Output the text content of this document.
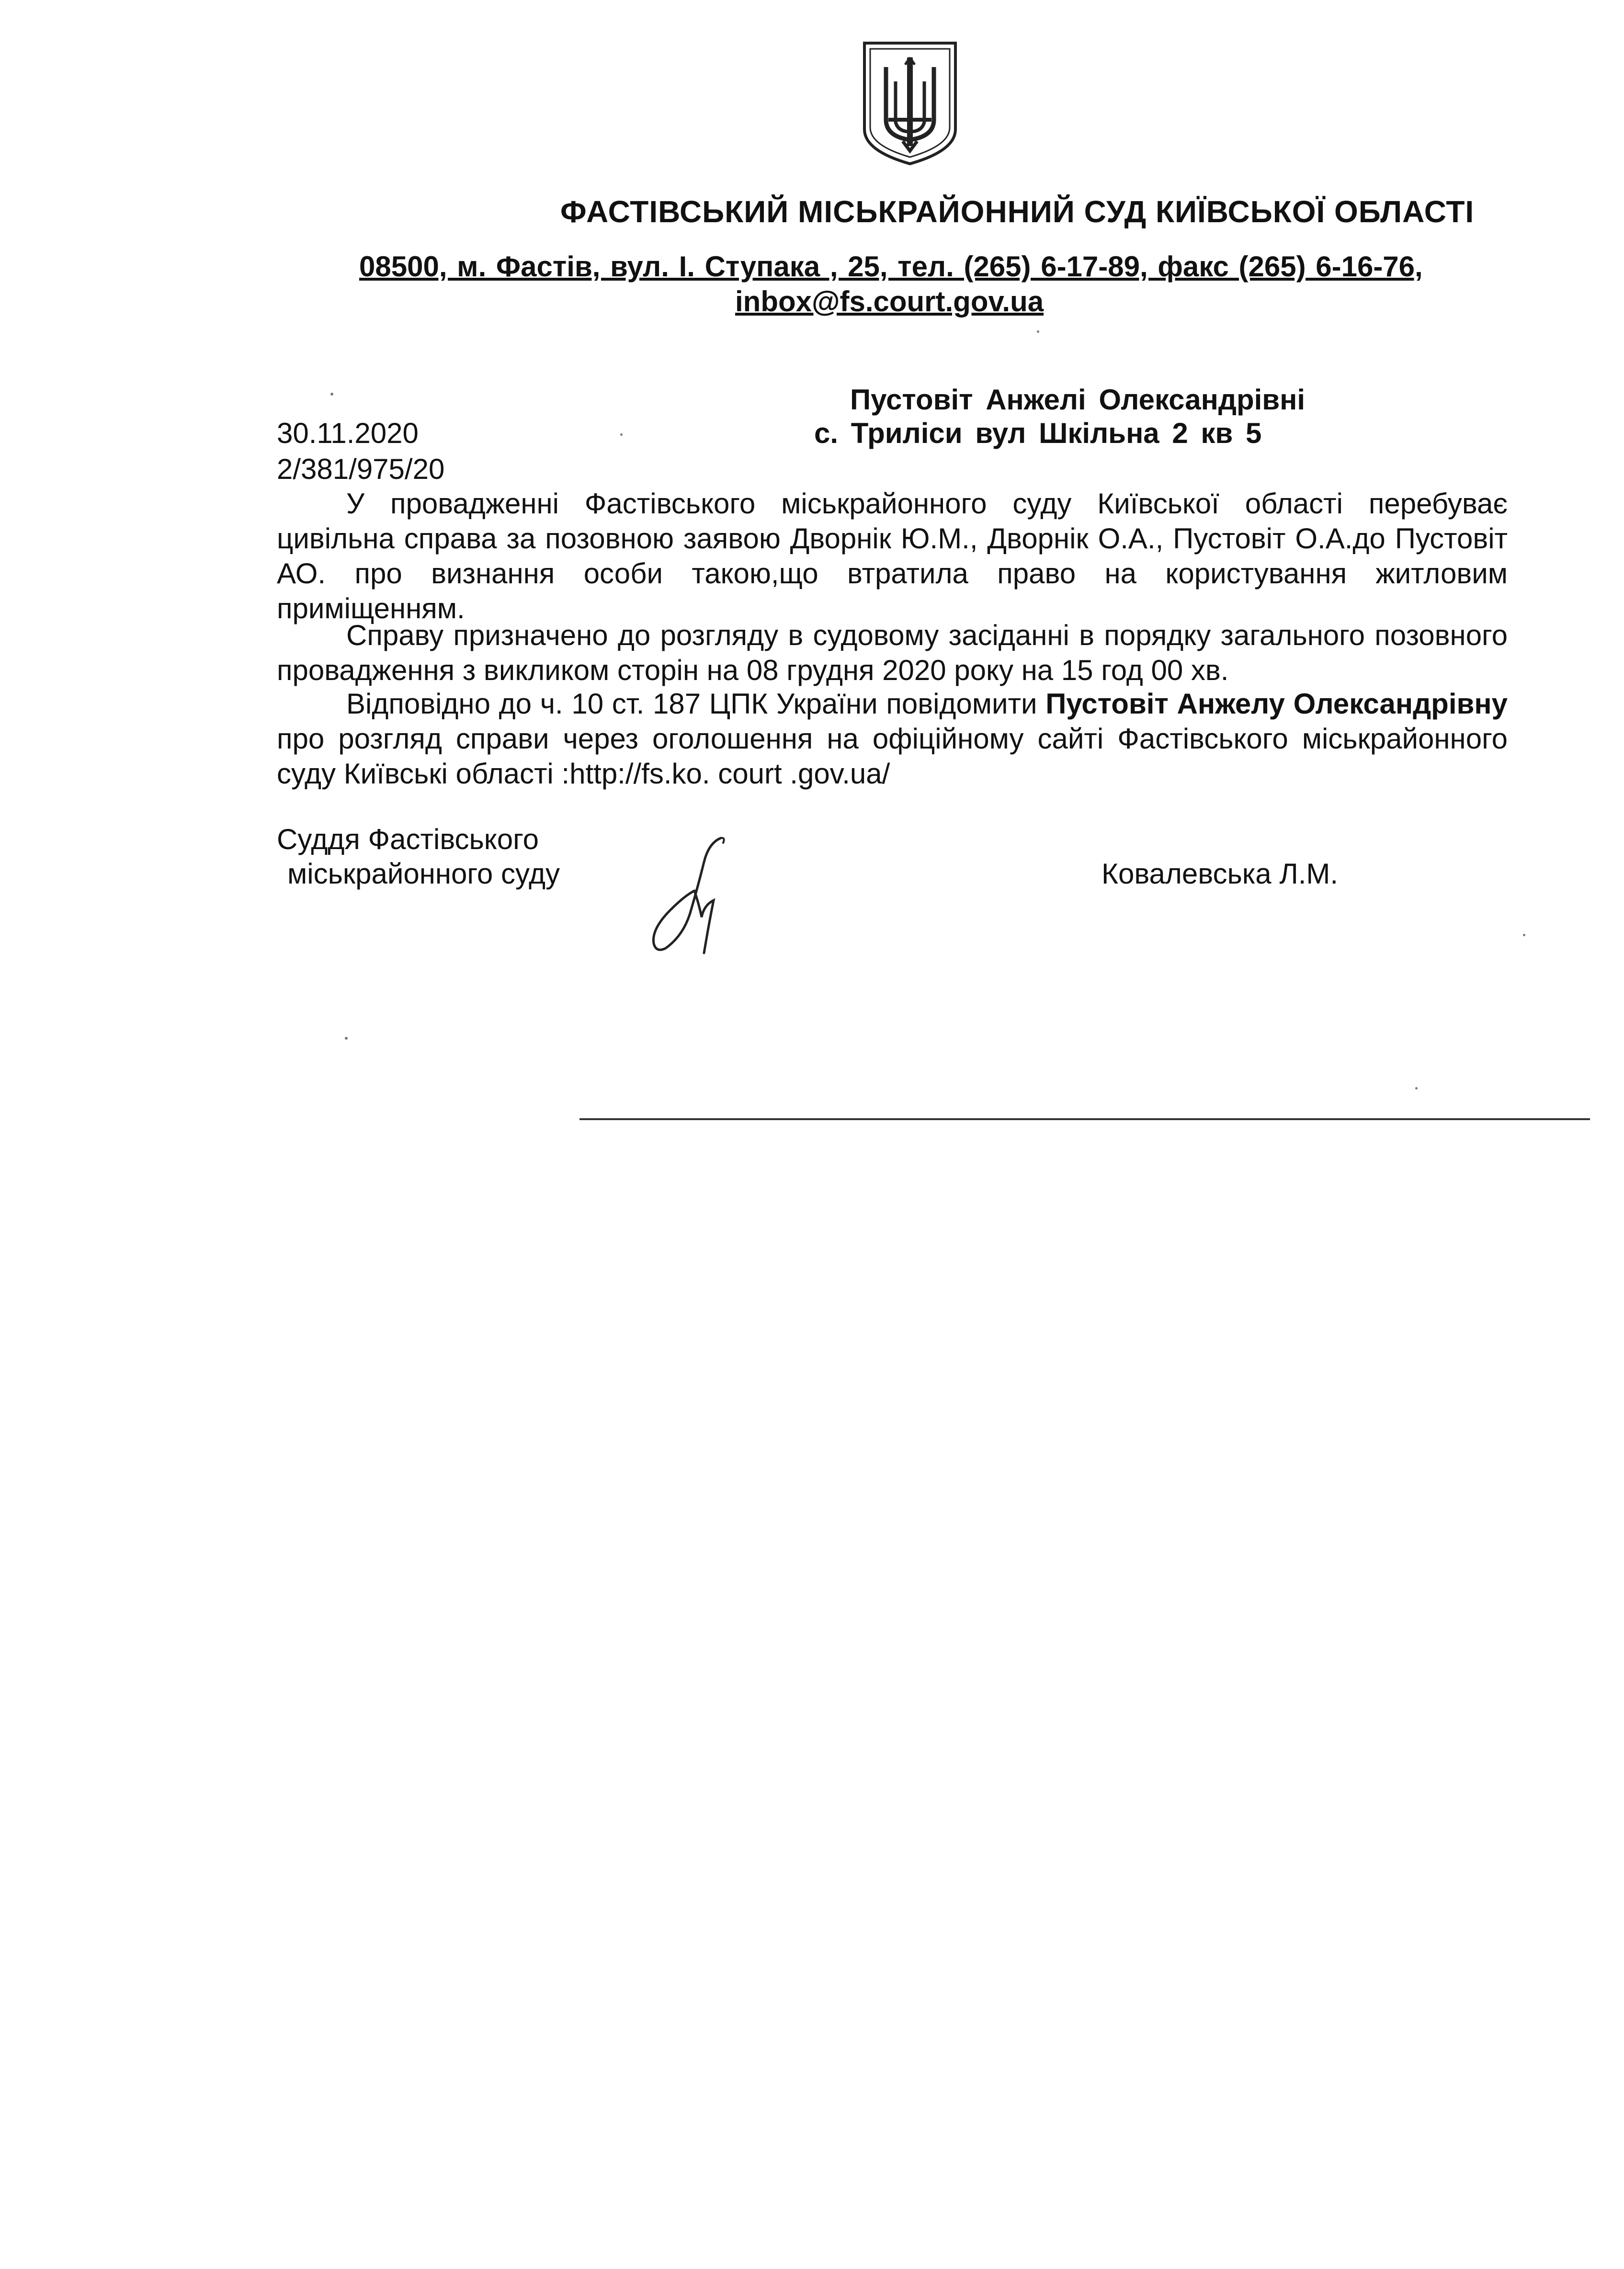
ФАСТІВСЬКИЙ МІСЬКРАЙОННИЙ СУД КИЇВСЬКОЇ ОБЛАСТІ
08500, м. Фастів, вул. І. Ступака , 25, тел. (265) 6-17-89, факс (265) 6-16-76,
inbox@fs.court.gov.ua
Пустовіт Анжелі Олександрівні
с. Триліси вул Шкільна 2 кв 5
30.11.2020
2/381/975/20

У провадженні Фастівського міськрайонного суду Київської області перебуває цивільна справа за позовною заявою Дворнік Ю.М., Дворнік О.А., Пустовіт О.А.до Пустовіт АО. про визнання особи такою,що втратила право на користування житловим приміщенням.

Справу призначено до розгляду в судовому засіданні в порядку загального позовного провадження з викликом сторін на 08 грудня 2020 року на 15 год 00 хв.

Відповідно до ч. 10 ст. 187 ЦПК України повідомити Пустовіт Анжелу Олександрівну про розгляд справи через оголошення на офіційному сайті Фастівського міськрайонного суду Київські області :http://fs.ko. court .gov.ua/

Суддя Фастівського
міськрайонного суду	Ковалевська Л.М.
